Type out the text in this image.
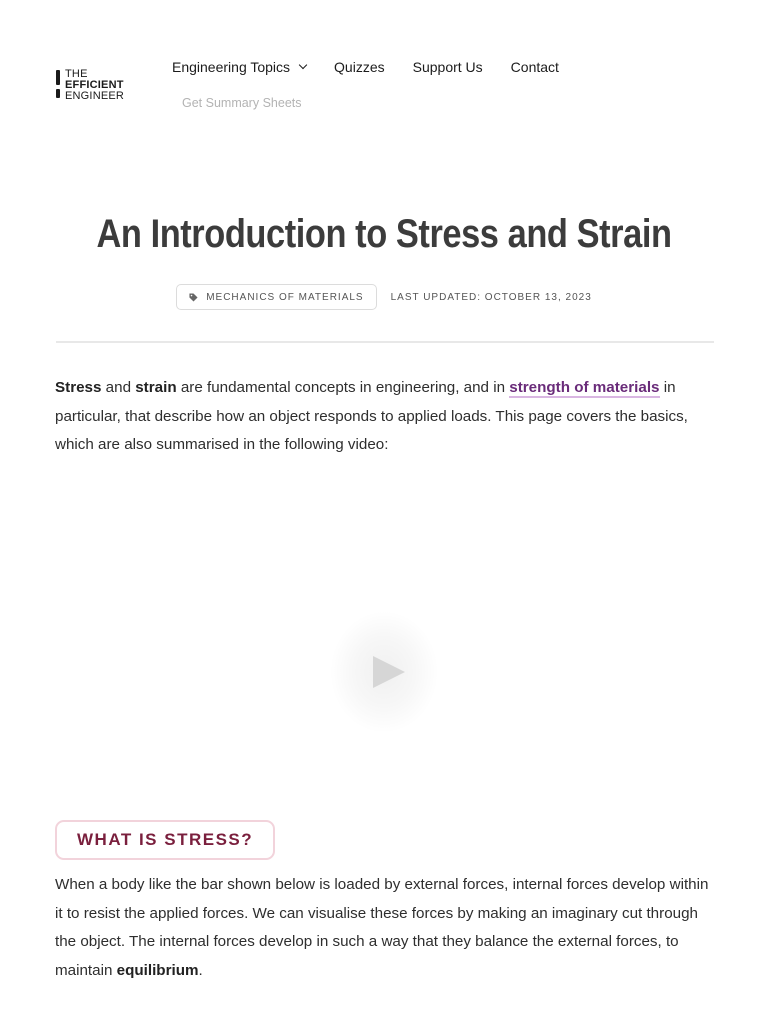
THE
EFFICIENT
ENGINEER
Engineering Topics	Quizzes Support Us Contact
Get Summary Sheets
An Introduction to Stress and Strain
MECHANICS OF MATERIALS	LAST UPDATED: OCTOBER 13, 2023

Stress and strain are fundamental concepts in engineering, and in strength of materials in particular, that describe how an object responds to applied loads. This page covers the basics, which are also summarised in the following video:

WHAT IS STRESS?

When a body like the bar shown below is loaded by external forces, internal forces develop within it to resist the applied forces. We can visualise these forces by making an imaginary cut through the object. The internal forces develop in such a way that they balance the external forces, to maintain equilibrium.
